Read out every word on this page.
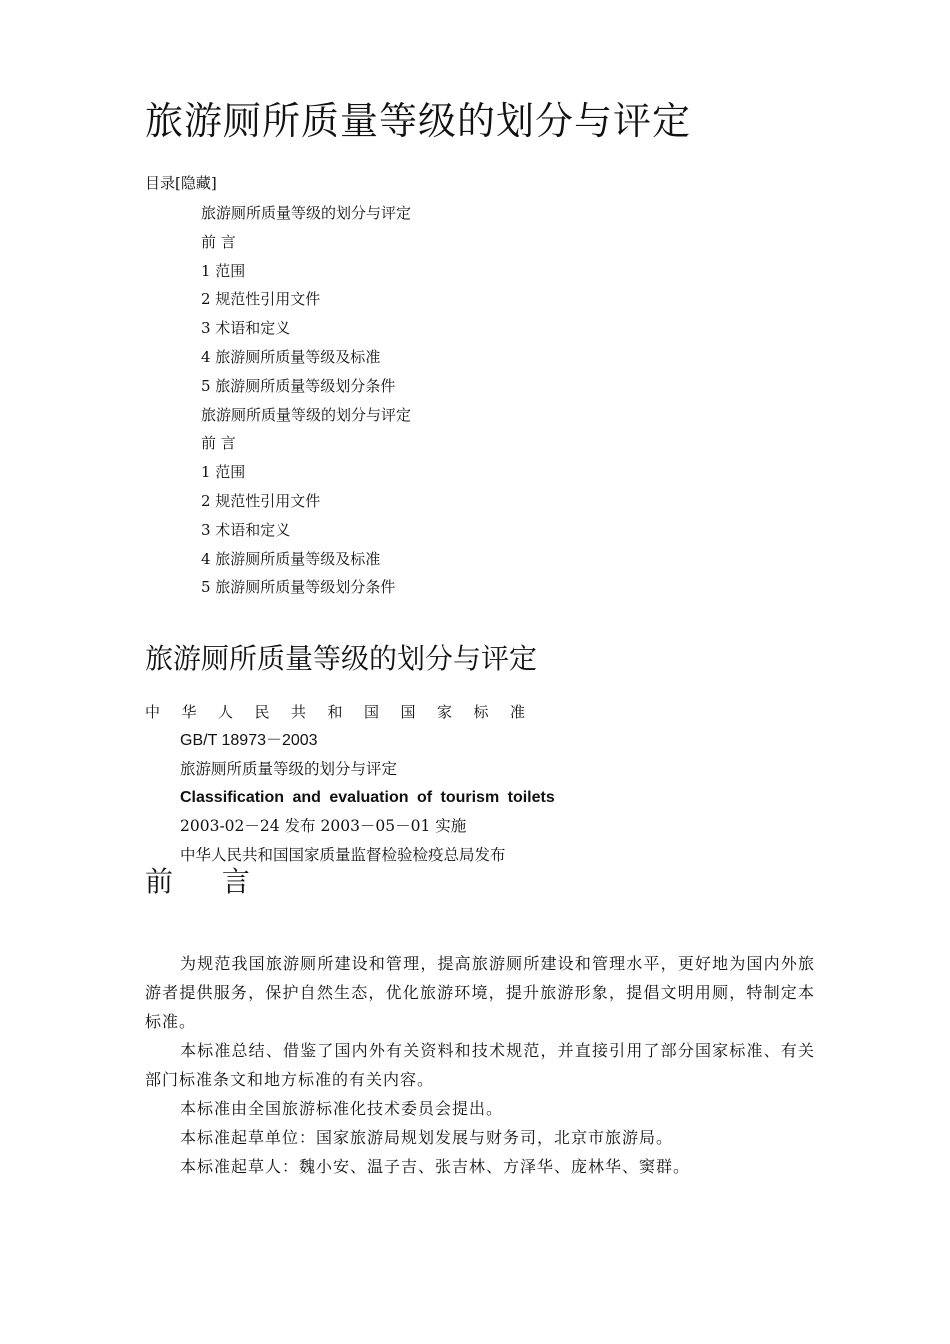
旅游厕所质量等级的划分与评定
目录[隐藏]
旅游厕所质量等级的划分与评定
前 言
1 范围
2 规范性引用文件
3 术语和定义
4 旅游厕所质量等级及标准
5 旅游厕所质量等级划分条件
旅游厕所质量等级的划分与评定
前 言
1 范围
2 规范性引用文件
3 术语和定义
4 旅游厕所质量等级及标准
5 旅游厕所质量等级划分条件
旅游厕所质量等级的划分与评定
中 华 人 民 共 和 国 国 家 标 准
GB/T 18973－2003
旅游厕所质量等级的划分与评定
Classification and evaluation of tourism toilets
2003-02－24 发布 2003－05－01 实施
中华人民共和国国家质量监督检验检疫总局发布
前 言

为规范我国旅游厕所建设和管理，提高旅游厕所建设和管理水平，更好地为国内外旅游者提供服务，保护自然生态，优化旅游环境，提升旅游形象，提倡文明用厕，特制定本标准。

本标准总结、借鉴了国内外有关资料和技术规范，并直接引用了部分国家标准、有关部门标准条文和地方标准的有关内容。

本标准由全国旅游标准化技术委员会提出。

本标准起草单位：国家旅游局规划发展与财务司，北京市旅游局。

本标准起草人：魏小安、温子吉、张吉林、方泽华、庞林华、窦群。
